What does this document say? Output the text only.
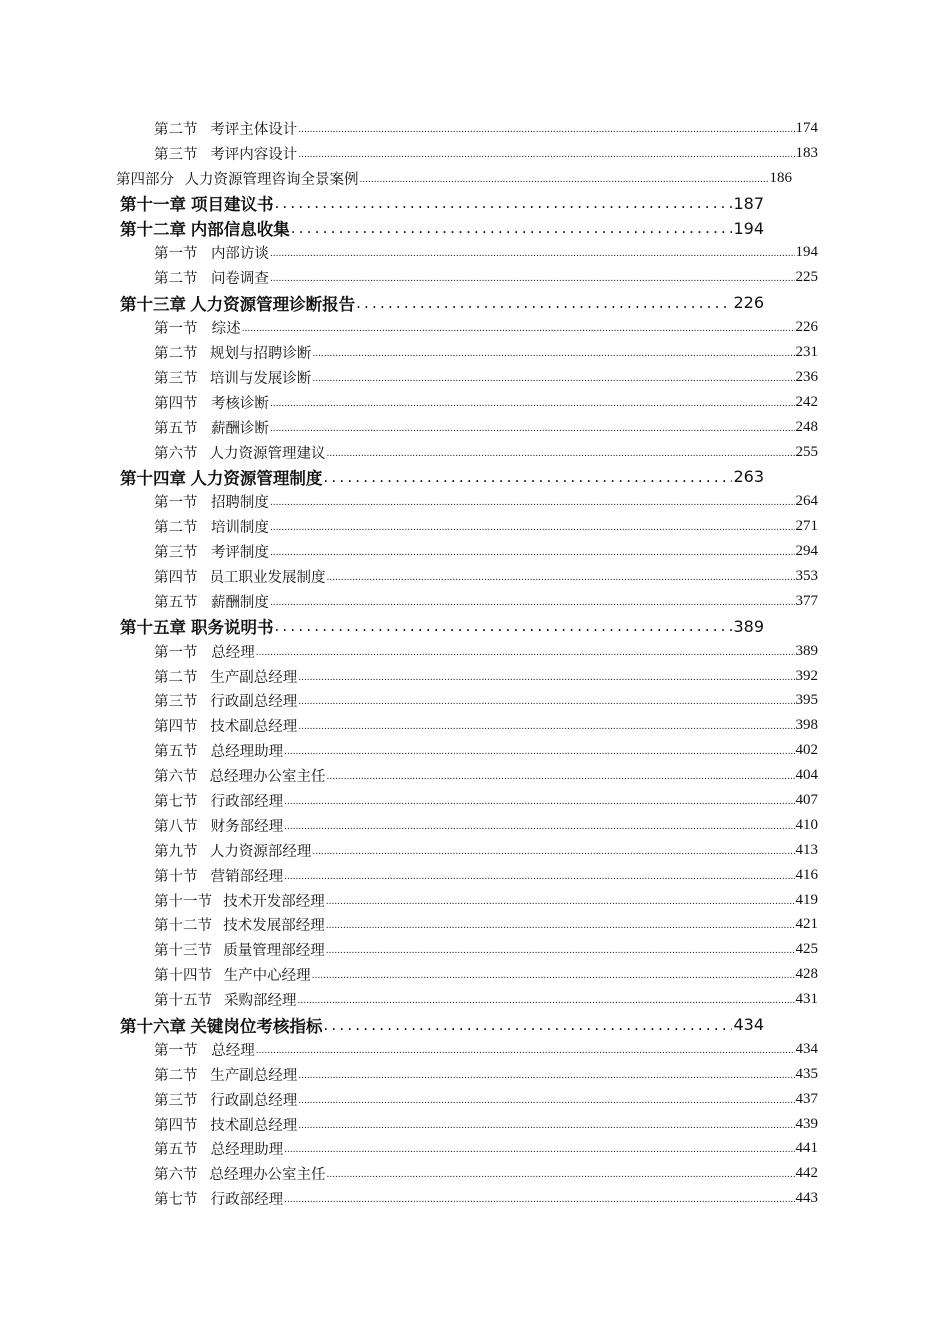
第二节 考评主体设计 .....	174
第三节 考评内容设计 .....	183
第四部分 人力资源管理咨询全景案例 .....	186
第十一章 项目建议书 .....	187
第十二章 内部信息收集 .....	194
第一节 内部访谈 .....	194
第二节 问卷调查 .....	225
第十三章 人力资源管理诊断报告 .....	226
第一节 综述 .....	226
第二节 规划与招聘诊断 .....	231
第三节 培训与发展诊断 .....	236
第四节 考核诊断 .....	242
第五节 薪酬诊断 .....	248
第六节 人力资源管理建议 .....	255
第十四章 人力资源管理制度 .....	263
第一节 招聘制度 .....	264
第二节 培训制度 .....	271
第三节 考评制度 .....	294
第四节 员工职业发展制度 .....	353
第五节 薪酬制度 .....	377
第十五章 职务说明书 .....	389
第一节 总经理 .....	389
第二节 生产副总经理 .....	392
第三节 行政副总经理 .....	395
第四节 技术副总经理 .....	398
第五节 总经理助理 .....	402
第六节 总经理办公室主任 .....	404
第七节 行政部经理 .....	407
第八节 财务部经理 .....	410
第九节 人力资源部经理 .....	413
第十节 营销部经理 .....	416
第十一节 技术开发部经理 .....	419
第十二节 技术发展部经理 .....	421
第十三节 质量管理部经理 .....	425
第十四节 生产中心经理 .....	428
第十五节 采购部经理 .....	431
第十六章 关键岗位考核指标 .....	434
第一节 总经理 .....	434
第二节 生产副总经理 .....	435
第三节 行政副总经理 .....	437
第四节 技术副总经理 .....	439
第五节 总经理助理 .....	441
第六节 总经理办公室主任 .....	442
第七节 行政部经理 .....	443
